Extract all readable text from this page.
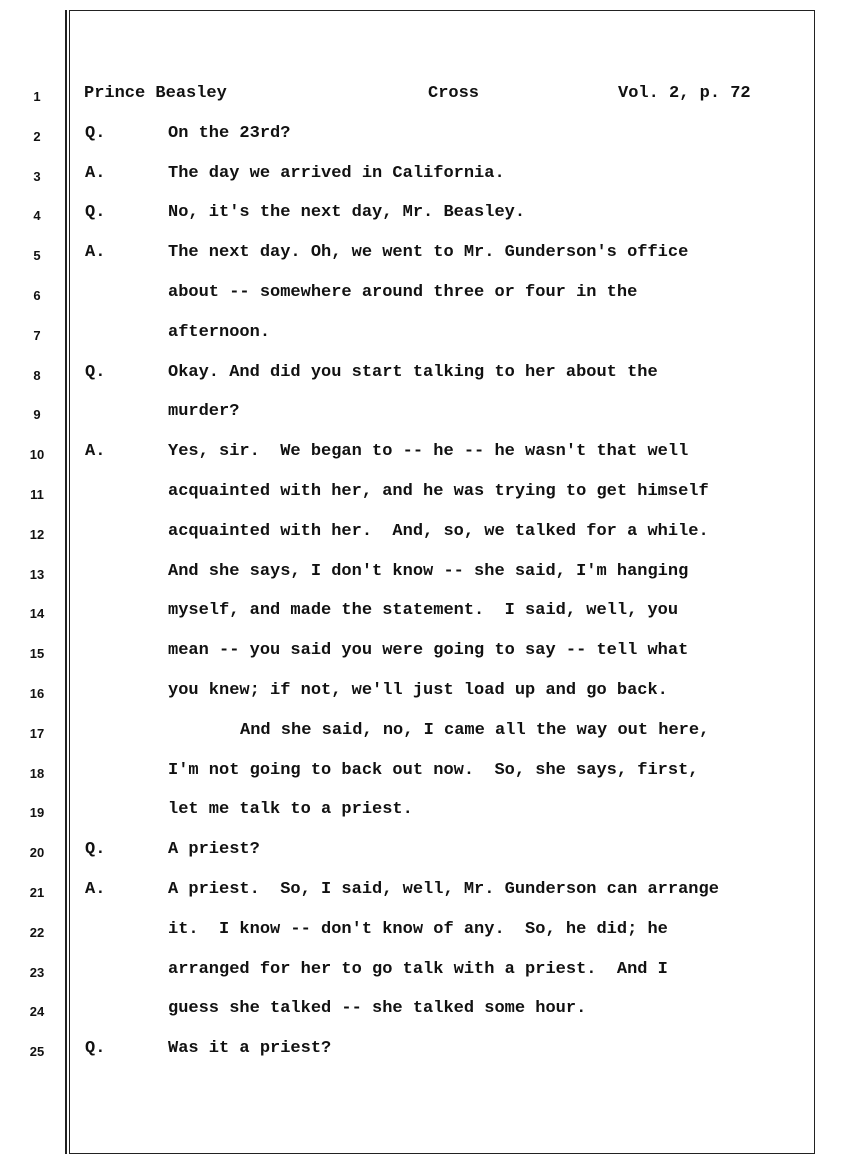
1	Prince Beasley	Cross	Vol. 2, p. 72
2	Q.	On the 23rd?
3	A.	The day we arrived in California.
4	Q.	No, it's the next day, Mr. Beasley.
5	A.	The next day. Oh, we went to Mr. Gunderson's office
6	about -- somewhere around three or four in the
7	afternoon.
8	Q.	Okay. And did you start talking to her about the
9	murder?
10	A.	Yes, sir.  We began to -- he -- he wasn't that well
11	acquainted with her, and he was trying to get himself
12	acquainted with her.  And, so, we talked for a while.
13	And she says, I don't know -- she said, I'm hanging
14	myself, and made the statement.  I said, well, you
15	mean -- you said you were going to say -- tell what
16	you knew; if not, we'll just load up and go back.
17	And she said, no, I came all the way out here,
18	I'm not going to back out now.  So, she says, first,
19	let me talk to a priest.
20	Q.	A priest?
21	A.	A priest.  So, I said, well, Mr. Gunderson can arrange
22	it.  I know -- don't know of any.  So, he did; he
23	arranged for her to go talk with a priest.  And I
24	guess she talked -- she talked some hour.
25	Q.	Was it a priest?
